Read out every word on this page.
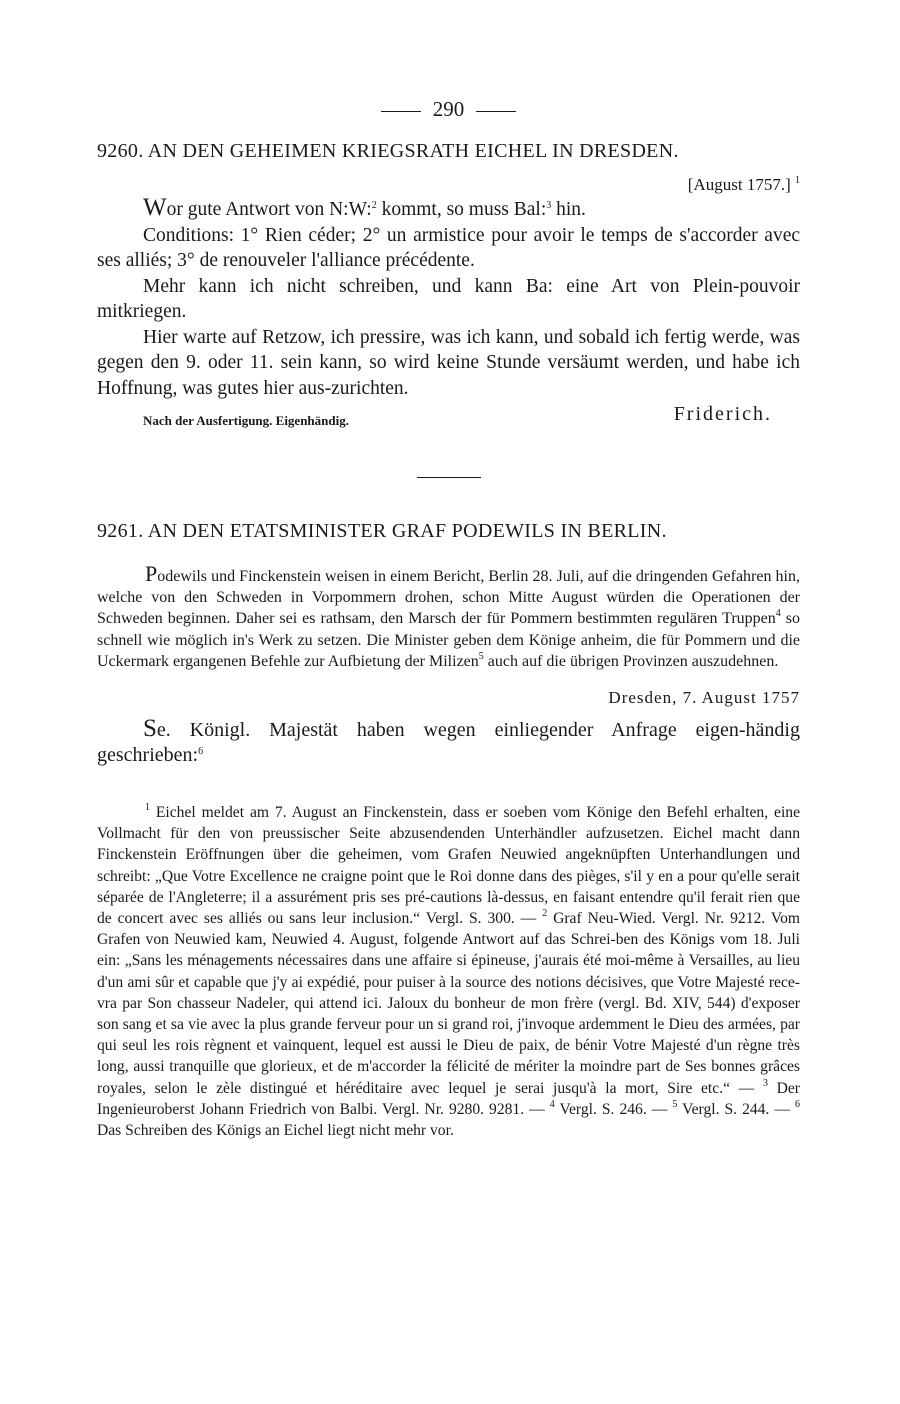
290
9260. AN DEN GEHEIMEN KRIEGSRATH EICHEL IN DRESDEN.
[August 1757.] $^1$

Wor gute Antwort von N:W:$^2$ kommt, so muss Bal:$^3$ hin.

Conditions: 1° Rien céder; 2° un armistice pour avoir le temps de s'accorder avec ses alliés; 3° de renouveler l'alliance précédente.

Mehr kann ich nicht schreiben, und kann Ba: eine Art von Plein-pouvoir mitkriegen.

Hier warte auf Retzow, ich pressire, was ich kann, und sobald ich fertig werde, was gegen den 9. oder 11. sein kann, so wird keine Stunde versäumt werden, und habe ich Hoffnung, was gutes hier aus-zurichten.

Nach der Ausfertigung. Eigenhändig.	Friderich.
9261. AN DEN ETATSMINISTER GRAF PODEWILS IN BERLIN.

Podewils und Finckenstein weisen in einem Bericht, Berlin 28. Juli, auf die dringenden Gefahren hin, welche von den Schweden in Vorpommern drohen, schon Mitte August würden die Operationen der Schweden beginnen. Daher sei es rathsam, den Marsch der für Pommern bestimmten regulären Truppen$^4$ so schnell wie möglich in's Werk zu setzen. Die Minister geben dem Könige anheim, die für Pommern und die Uckermark ergangenen Befehle zur Aufbietung der Milizen$^5$ auch auf die übrigen Provinzen auszudehnen.

Dresden, 7. August 1757

Se. Königl. Majestät haben wegen einliegender Anfrage eigen-händig geschrieben:$^6$

$^1$ Eichel meldet am 7. August an Finckenstein, dass er soeben vom Könige den Befehl erhalten, eine Vollmacht für den von preussischer Seite abzusendenden Unterhändler aufzusetzen. Eichel macht dann Finckenstein Eröffnungen über die geheimen, vom Grafen Neuwied angeknüpften Unterhandlungen und schreibt: „Que Votre Excellence ne craigne point que le Roi donne dans des pièges, s'il y en a pour qu'elle serait séparée de l'Angleterre; il a assurément pris ses pré-cautions là-dessus, en faisant entendre qu'il ferait rien que de concert avec ses alliés ou sans leur inclusion.“ Vergl. S. 300. — $^2$ Graf Neu-Wied. Vergl. Nr. 9212. Vom Grafen von Neuwied kam, Neuwied 4. August, folgende Antwort auf das Schrei-ben des Königs vom 18. Juli ein: „Sans les ménagements nécessaires dans une affaire si épineuse, j'aurais été moi-même à Versailles, au lieu d'un ami sûr et capable que j'y ai expédié, pour puiser à la source des notions décisives, que Votre Majesté rece-vra par Son chasseur Nadeler, qui attend ici. Jaloux du bonheur de mon frère (vergl. Bd. XIV, 544) d'exposer son sang et sa vie avec la plus grande ferveur pour un si grand roi, j'invoque ardemment le Dieu des armées, par qui seul les rois règnent et vainquent, lequel est aussi le Dieu de paix, de bénir Votre Majesté d'un règne très long, aussi tranquille que glorieux, et de m'accorder la félicité de mériter la moindre part de Ses bonnes grâces royales, selon le zèle distingué et héréditaire avec lequel je serai jusqu'à la mort, Sire etc.“ — $^3$ Der Ingenieuroberst Johann Friedrich von Balbi. Vergl. Nr. 9280. 9281. — $^4$ Vergl. S. 246. — $^5$ Vergl. S. 244. — $^6$ Das Schreiben des Königs an Eichel liegt nicht mehr vor.
